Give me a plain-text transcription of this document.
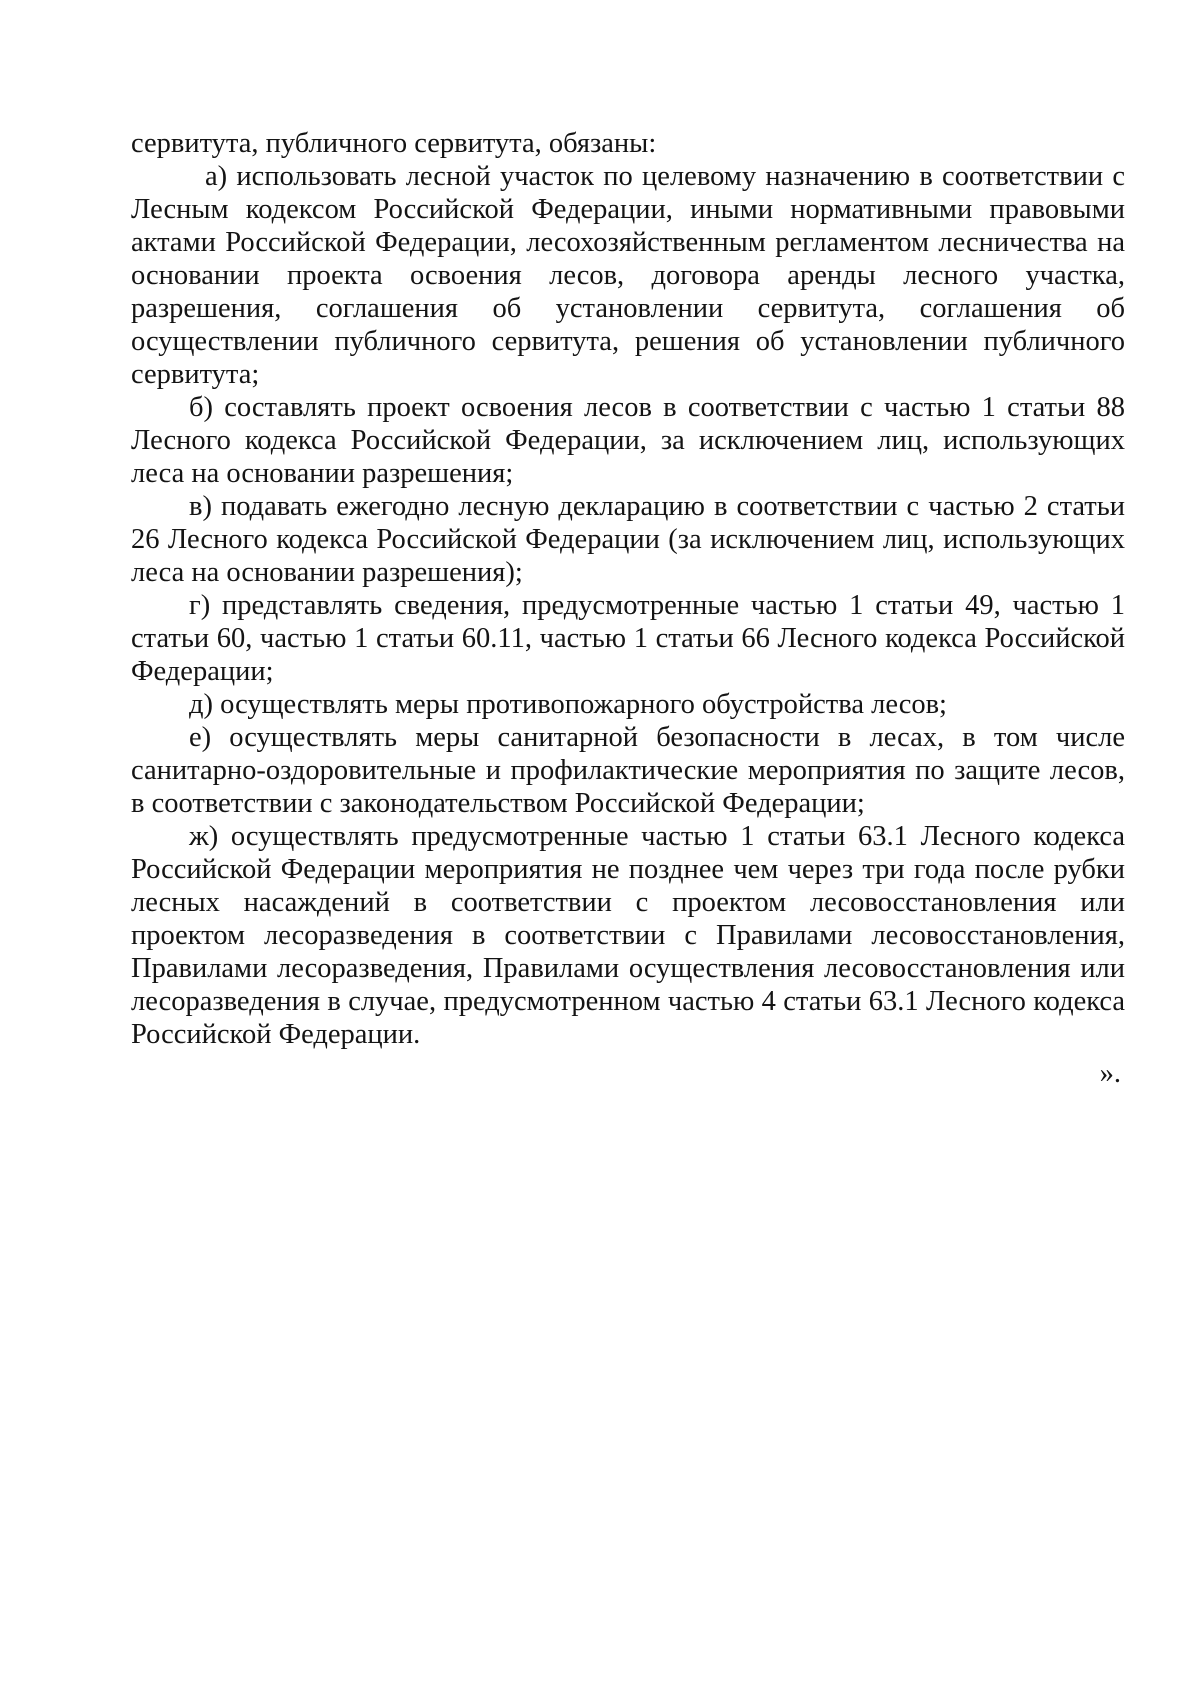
сервитута, публичного сервитута, обязаны:

а) использовать лесной участок по целевому назначению в соответствии с Лесным кодексом Российской Федерации, иными нормативными правовыми актами Российской Федерации, лесохозяйственным регламентом лесничества на основании проекта освоения лесов, договора аренды лесного участка, разрешения, соглашения об установлении сервитута, соглашения об осуществлении публичного сервитута, решения об установлении публичного сервитута;

б) составлять проект освоения лесов в соответствии с частью 1 статьи 88 Лесного кодекса Российской Федерации, за исключением лиц, использующих леса на основании разрешения;

в) подавать ежегодно лесную декларацию в соответствии с частью 2 статьи 26 Лесного кодекса Российской Федерации (за исключением лиц, использующих леса на основании разрешения);

г) представлять сведения, предусмотренные частью 1 статьи 49, частью 1 статьи 60, частью 1 статьи 60.11, частью 1 статьи 66 Лесного кодекса Российской Федерации;

д) осуществлять меры противопожарного обустройства лесов;

е) осуществлять меры санитарной безопасности в лесах, в том числе санитарно-оздоровительные и профилактические мероприятия по защите лесов, в соответствии с законодательством Российской Федерации;

ж) осуществлять предусмотренные частью 1 статьи 63.1 Лесного кодекса Российской Федерации мероприятия не позднее чем через три года после рубки лесных насаждений в соответствии с проектом лесовосстановления или проектом лесоразведения в соответствии с Правилами лесовосстановления, Правилами лесоразведения, Правилами осуществления лесовосстановления или лесоразведения в случае, предусмотренном частью 4 статьи 63.1 Лесного кодекса Российской Федерации.

».
